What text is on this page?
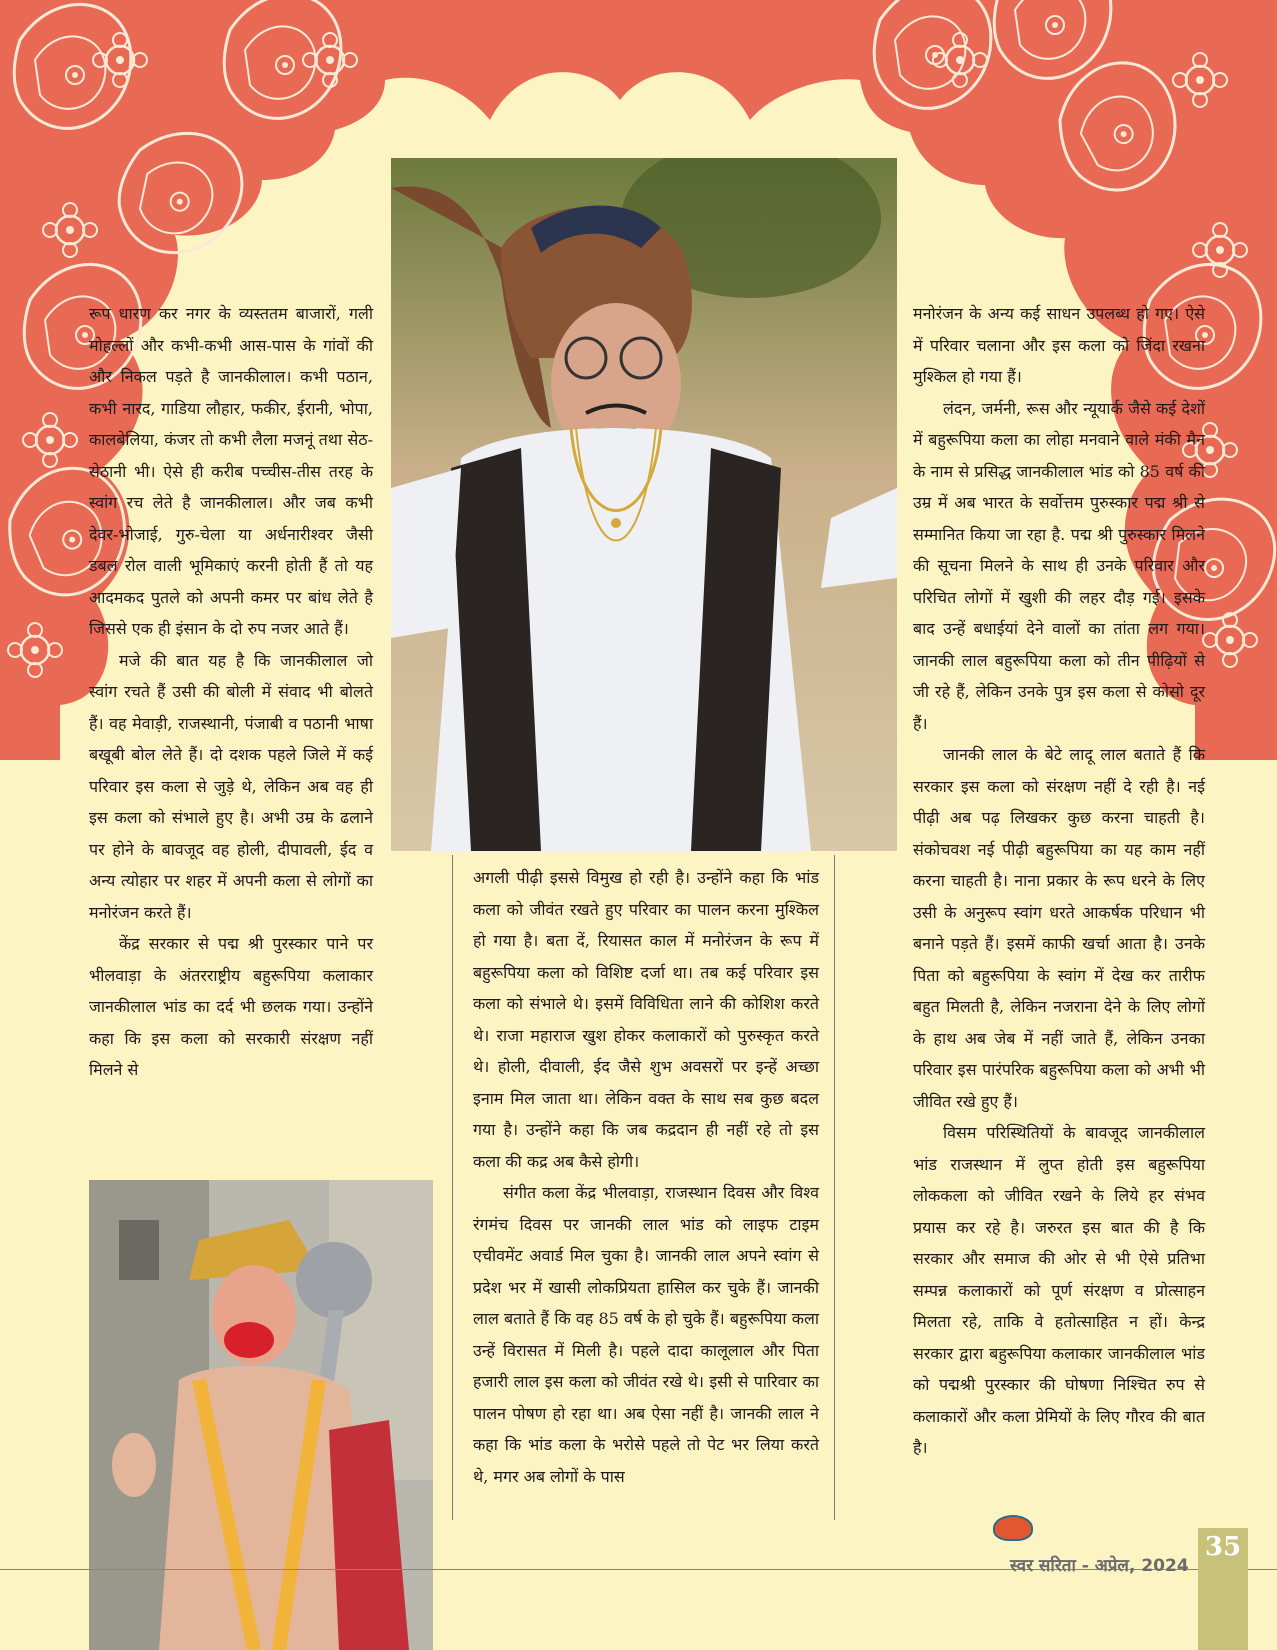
रूप धारण कर नगर के व्यस्ततम बाजारों, गली मोहल्लों और कभी-कभी आस-पास के गांवों की और निकल पड़ते है जानकीलाल। कभी पठान, कभी नारद, गाडिया लौहार, फकीर, ईरानी, भोपा, कालबेलिया, कंजर तो कभी लैला मजनूं तथा सेठ-सेठानी भी। ऐसे ही करीब पच्चीस-तीस तरह के स्वांग रच लेते है जानकीलाल। और जब कभी देवर-भोजाई, गुरु-चेला या अर्धनारीश्वर जैसी डबल रोल वाली भूमिकाएं करनी होती हैं तो यह आदमकद पुतले को अपनी कमर पर बांध लेते है जिससे एक ही इंसान के दो रुप नजर आते हैं।

मजे की बात यह है कि जानकीलाल जो स्वांग रचते हैं उसी की बोली में संवाद भी बोलते हैं। वह मेवाड़ी, राजस्थानी, पंजाबी व पठानी भाषा बखूबी बोल लेते हैं। दो दशक पहले जिले में कई परिवार इस कला से जुड़े थे, लेकिन अब वह ही इस कला को संभाले हुए है। अभी उम्र के ढलाने पर होने के बावजूद वह होली, दीपावली, ईद व अन्य त्योहार पर शहर में अपनी कला से लोगों का मनोरंजन करते हैं।

केंद्र सरकार से पद्म श्री पुरस्कार पाने पर भीलवाड़ा के अंतरराष्ट्रीय बहुरूपिया कलाकार जानकीलाल भांड का दर्द भी छलक गया। उन्होंने कहा कि इस कला को सरकारी संरक्षण नहीं मिलने से

अगली पीढ़ी इससे विमुख हो रही है। उन्होंने कहा कि भांड कला को जीवंत रखते हुए परिवार का पालन करना मुश्किल हो गया है। बता दें, रियासत काल में मनोरंजन के रूप में बहुरूपिया कला को विशिष्ट दर्जा था। तब कई परिवार इस कला को संभाले थे। इसमें विविधिता लाने की कोशिश करते थे। राजा महाराज खुश होकर कलाकारों को पुरुस्कृत करते थे। होली, दीवाली, ईद जैसे शुभ अवसरों पर इन्हें अच्छा इनाम मिल जाता था। लेकिन वक्त के साथ सब कुछ बदल गया है। उन्होंने कहा कि जब कद्रदान ही नहीं रहे तो इस कला की कद्र अब कैसे होगी।

संगीत कला केंद्र भीलवाड़ा, राजस्थान दिवस और विश्व रंगमंच दिवस पर जानकी लाल भांड को लाइफ टाइम एचीवमेंट अवार्ड मिल चुका है। जानकी लाल अपने स्वांग से प्रदेश भर में खासी लोकप्रियता हासिल कर चुके हैं। जानकी लाल बताते हैं कि वह 85 वर्ष के हो चुके हैं। बहुरूपिया कला उन्हें विरासत में मिली है। पहले दादा कालूलाल और पिता हजारी लाल इस कला को जीवंत रखे थे। इसी से पारिवार का पालन पोषण हो रहा था। अब ऐसा नहीं है। जानकी लाल ने कहा कि भांड कला के भरोसे पहले तो पेट भर लिया करते थे, मगर अब लोगों के पास

मनोरंजन के अन्य कई साधन उपलब्ध हो गए। ऐसे में परिवार चलाना और इस कला को जिंदा रखना मुश्किल हो गया हैं।

लंदन, जर्मनी, रूस और न्यूयार्क जैसे कई देशों में बहुरूपिया कला का लोहा मनवाने वाले मंकी मैन के नाम से प्रसिद्ध जानकीलाल भांड को 85 वर्ष की उम्र में अब भारत के सर्वोत्तम पुरुस्कार पद्म श्री से सम्मानित किया जा रहा है. पद्म श्री पुरुस्कार मिलने की सूचना मिलने के साथ ही उनके परिवार और परिचित लोगों में खुशी की लहर दौड़ गई। इसके बाद उन्हें बधाईयां देने वालों का तांता लग गया। जानकी लाल बहुरूपिया कला को तीन पीढ़ियों से जी रहे हैं, लेकिन उनके पुत्र इस कला से कोसो दूर हैं।

जानकी लाल के बेटे लादू लाल बताते हैं कि सरकार इस कला को संरक्षण नहीं दे रही है। नई पीढ़ी अब पढ़ लिखकर कुछ करना चाहती है। संकोचवश नई पीढ़ी बहुरूपिया का यह काम नहीं करना चाहती है। नाना प्रकार के रूप धरने के लिए उसी के अनुरूप स्वांग धरते आकर्षक परिधान भी बनाने पड़ते हैं। इसमें काफी खर्चा आता है। उनके पिता को बहुरूपिया के स्वांग में देख कर तारीफ बहुत मिलती है, लेकिन नजराना देने के लिए लोगों के हाथ अब जेब में नहीं जाते हैं, लेकिन उनका परिवार इस पारंपरिक बहुरूपिया कला को अभी भी जीवित रखे हुए हैं।

विसम परिस्थितियों के बावजूद जानकीलाल भांड राजस्थान में लुप्त होती इस बहुरूपिया लोककला को जीवित रखने के लिये हर संभव प्रयास कर रहे है। जरुरत इस बात की है कि सरकार और समाज की ओर से भी ऐसे प्रतिभा सम्पन्न कलाकारों को पूर्ण संरक्षण व प्रोत्साहन मिलता रहे, ताकि वे हतोत्साहित न हों। केन्द्र सरकार द्वारा बहुरूपिया कलाकार जानकीलाल भांड को पद्मश्री पुरस्कार की घोषणा निश्चित रुप से कलाकारों और कला प्रेमियों के लिए गौरव की बात है।

स्वर सरिता - अप्रेल, 2024
35
